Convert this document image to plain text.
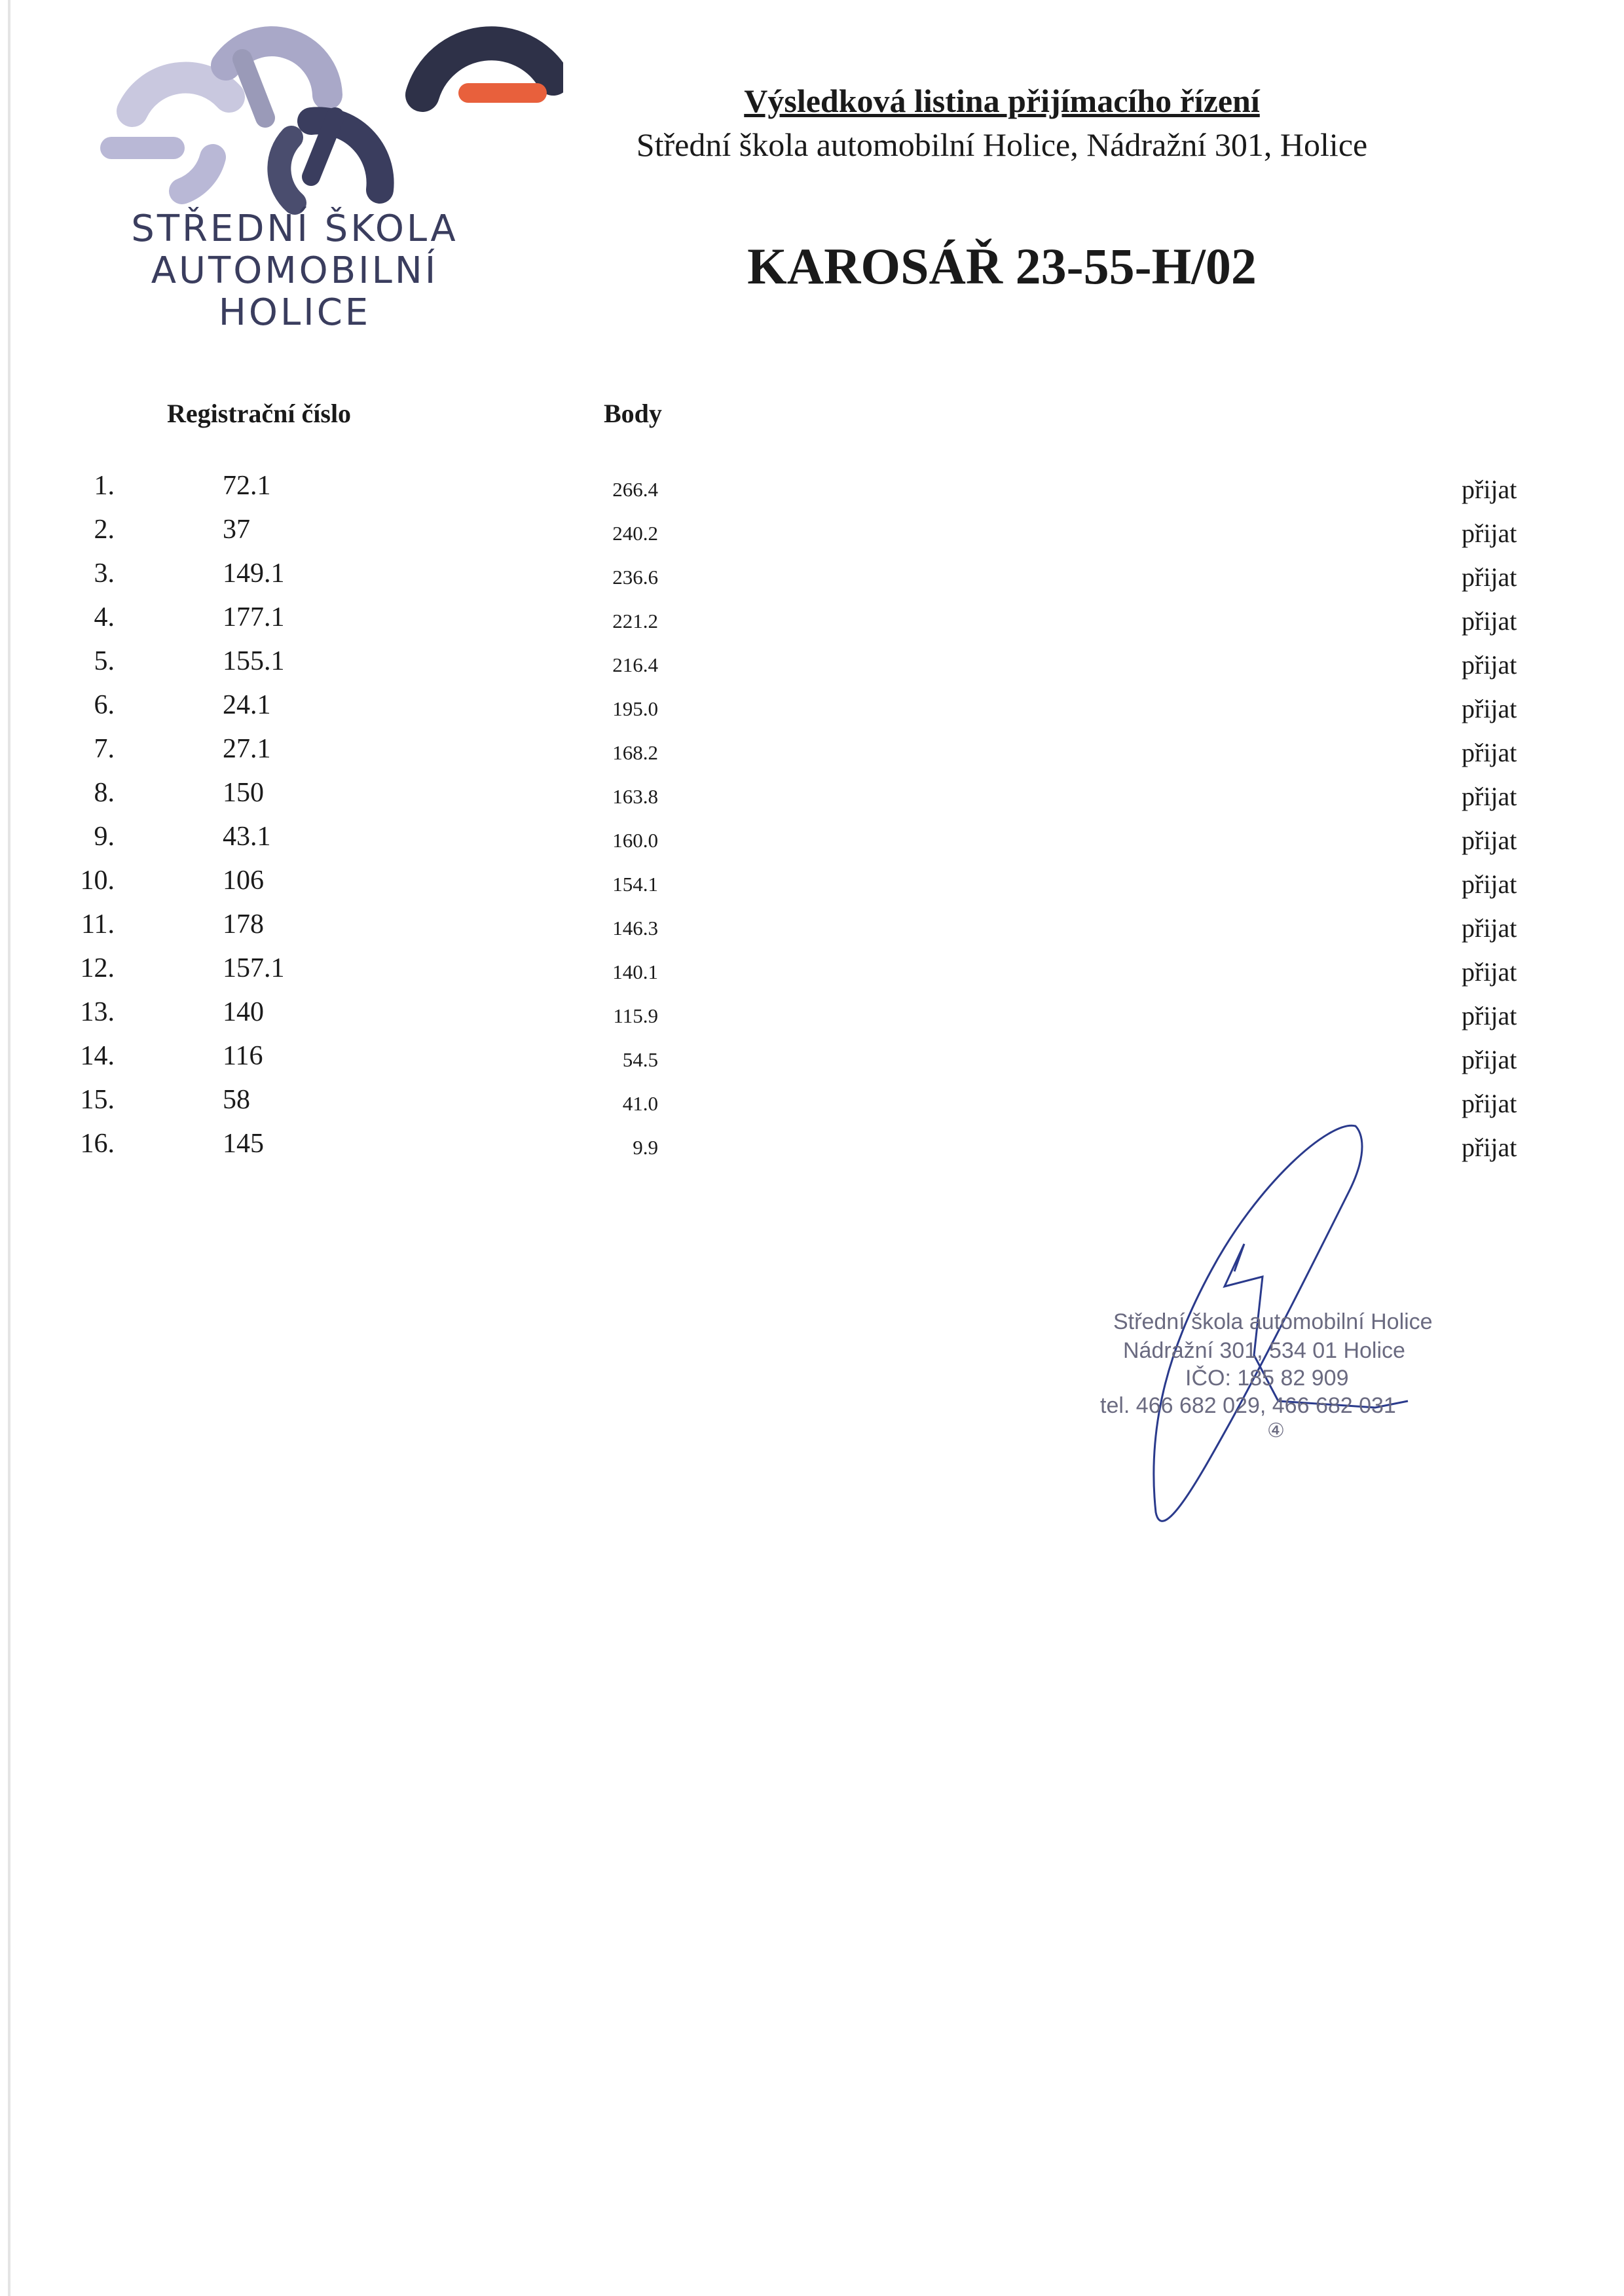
STŘEDNÍ ŠKOLA
AUTOMOBILNÍ
HOLICE
Výsledková listina přijímacího řízení
Střední škola automobilní Holice, Nádražní 301, Holice
KAROSÁŘ 23-55-H/02
Registrační číslo	Body
1.	72.1	266.4	přijat
2.	37	240.2	přijat
3.	149.1	236.6	přijat
4.	177.1	221.2	přijat
5.	155.1	216.4	přijat
6.	24.1	195.0	přijat
7.	27.1	168.2	přijat
8.	150	163.8	přijat
9.	43.1	160.0	přijat
10.	106	154.1	přijat
11.	178	146.3	přijat
12.	157.1	140.1	přijat
13.	140	115.9	přijat
14.	116	54.5	přijat
15.	58	41.0	přijat
16.	145	9.9	přijat
Střední škola automobilní Holice
Nádražní 301, 534 01 Holice
IČO: 185 82 909
tel. 466 682 029, 466 682 031
④
